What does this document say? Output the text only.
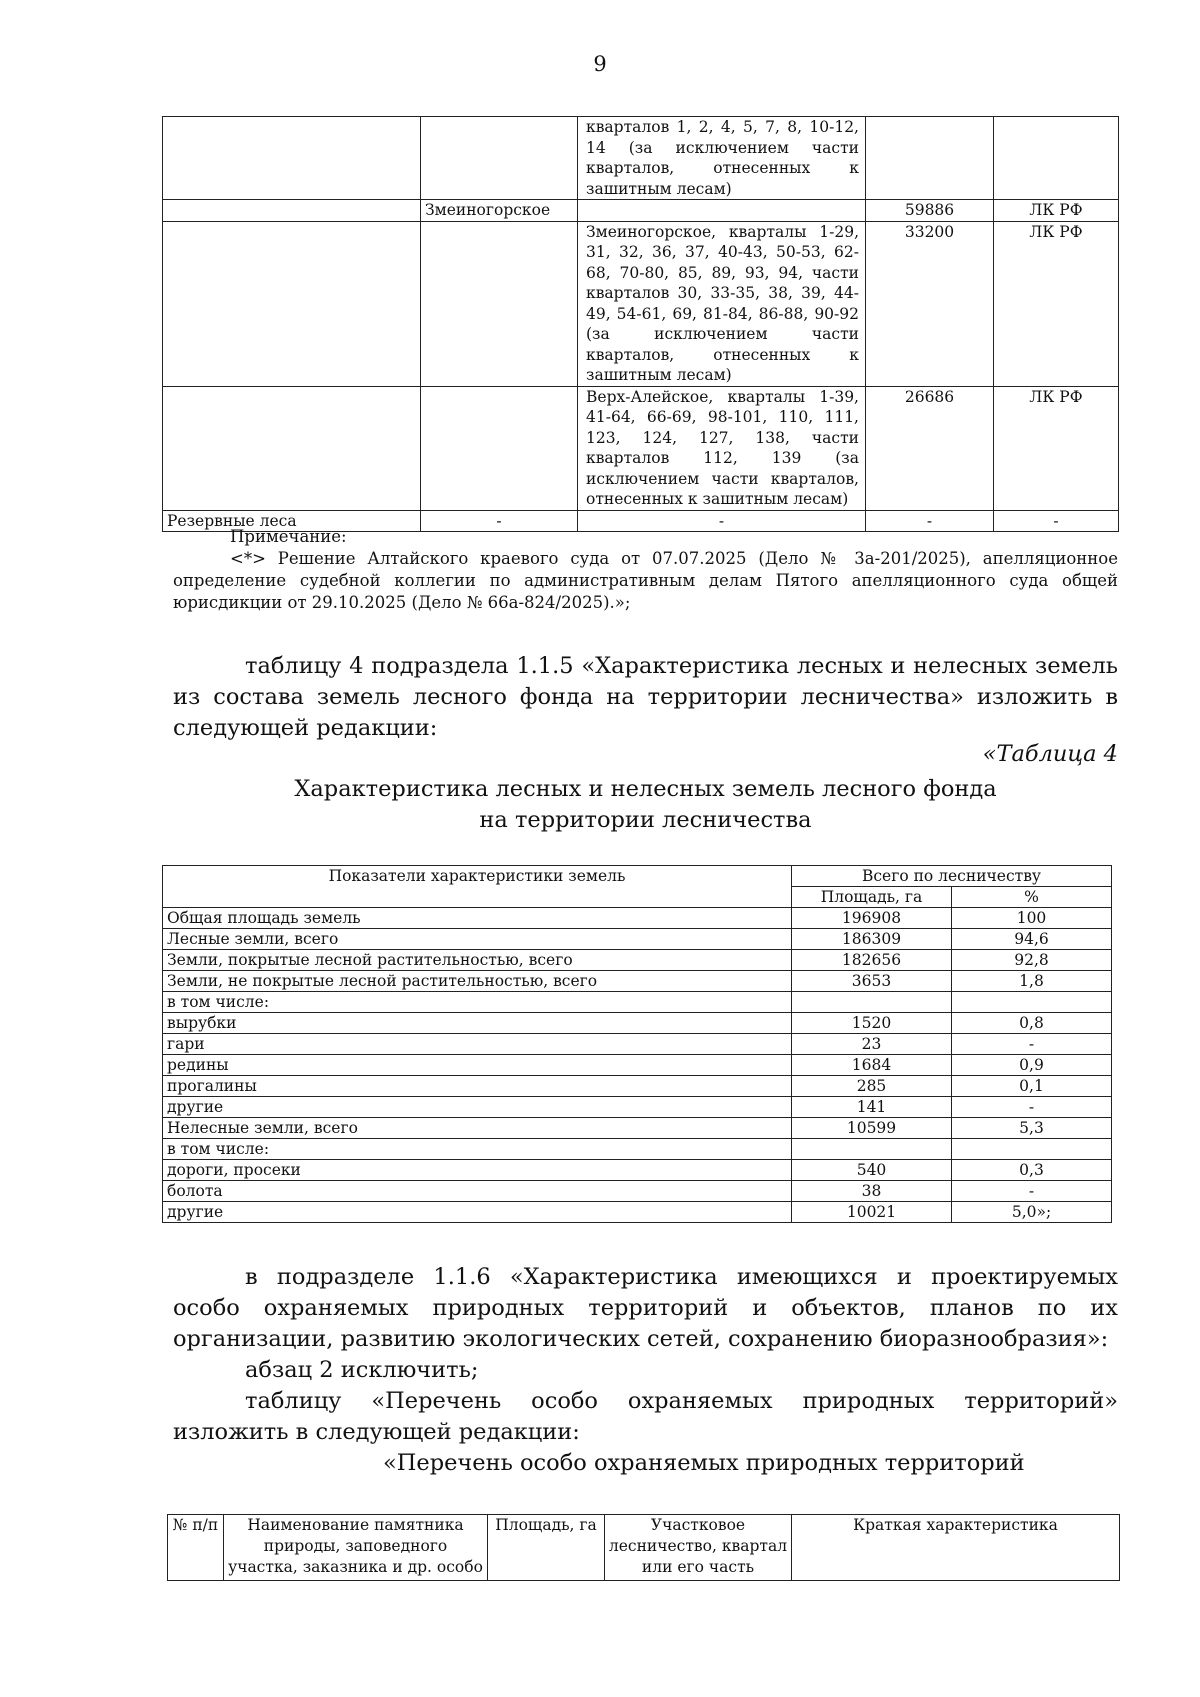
9
		кварталов 1, 2, 4, 5, 7, 8, 10-12, 14 (за исключением части кварталов, отнесенных к зашитным лесам)		
	Змеиногорское		59886	ЛК РФ
		Змеиногорское, кварталы 1-29, 31, 32, 36, 37, 40-43, 50-53, 62-68, 70-80, 85, 89, 93, 94, части кварталов 30, 33-35, 38, 39, 44-49, 54-61, 69, 81-84, 86-88, 90-92 (за исключением части кварталов, отнесенных к зашитным лесам)	33200	ЛК РФ
		Верх-Алейское, кварталы 1-39, 41-64, 66-69, 98-101, 110, 111, 123, 124, 127, 138, части кварталов 112, 139 (за исключением части кварталов, отнесенных к зашитным лесам)	26686	ЛК РФ
Резервные леса	-	-	-	-
Примечание:
<*> Решение Алтайского краевого суда от 07.07.2025 (Дело № 3а-201/2025), апелляционное определение судебной коллегии по административным делам Пятого апелляционного суда общей юрисдикции от 29.10.2025 (Дело № 66а-824/2025).»;
таблицу 4 подраздела 1.1.5 «Характеристика лесных и нелесных земель из состава земель лесного фонда на территории лесничества» изложить в следующей редакции:
«Таблица 4
Характеристика лесных и нелесных земель лесного фонда
на территории лесничества
Показатели характеристики земель	Всего по лесничеству	
	Площадь, га	%
Общая площадь земель	196908	100
Лесные земли, всего	186309	94,6
Земли, покрытые лесной растительностью, всего	182656	92,8
Земли, не покрытые лесной растительностью, всего	3653	1,8
в том числе:		
вырубки	1520	0,8
гари	23	-
редины	1684	0,9
прогалины	285	0,1
другие	141	-
Нелесные земли, всего	10599	5,3
в том числе:		
дороги, просеки	540	0,3
болота	38	-
другие	10021	5,0»;
в подразделе 1.1.6 «Характеристика имеющихся и проектируемых особо охраняемых природных территорий и объектов, планов по их организации, развитию экологических сетей, сохранению биоразнообразия»:
абзац 2 исключить;
таблицу «Перечень особо охраняемых природных территорий» изложить в следующей редакции:
«Перечень особо охраняемых природных территорий
№ п/п	Наименование памятника природы, заповедного участка, заказника и др. особо	Площадь, га	Участковое лесничество, квартал или его часть	Краткая характеристика
